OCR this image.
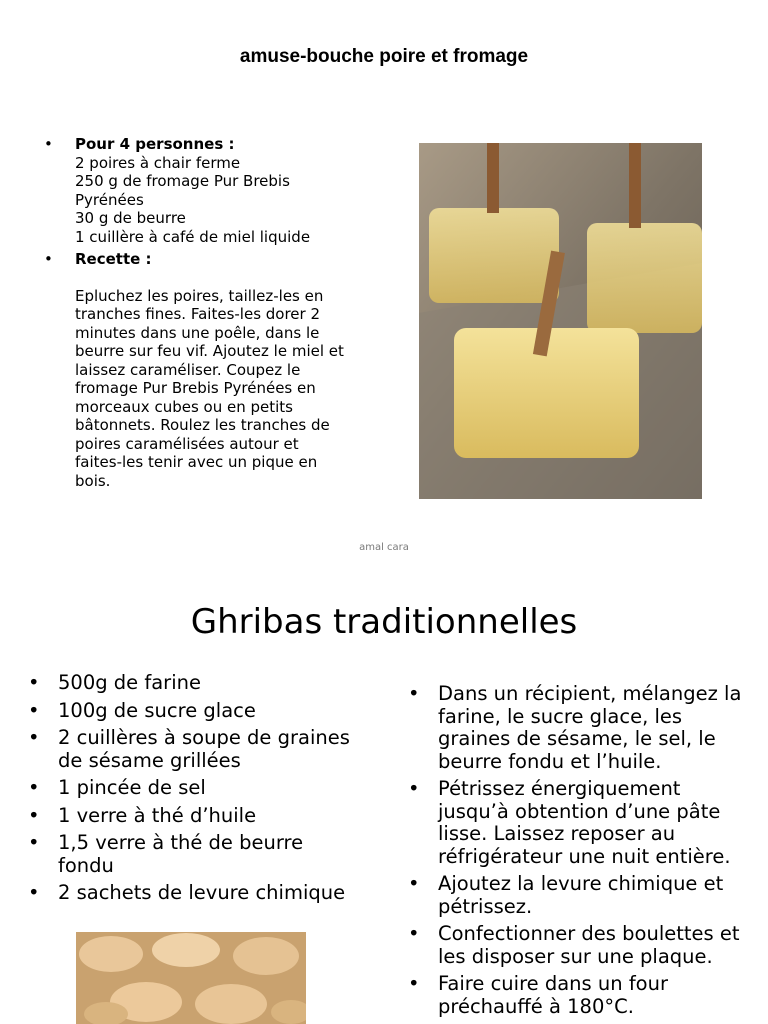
amuse-bouche poire et fromage
• Pour 4 personnes :
2 poires à chair ferme
250 g de fromage Pur Brebis Pyrénées
30 g de beurre
1 cuillère à café de miel liquide
• Recette :
Epluchez les poires, taillez-les en tranches fines. Faites-les dorer 2 minutes dans une poêle, dans le beurre sur feu vif. Ajoutez le miel et laissez caraméliser. Coupez le fromage Pur Brebis Pyrénées en morceaux cubes ou en petits bâtonnets. Roulez les tranches de poires caramélisées autour et faites-les tenir avec un pique en bois.
amal cara
Ghribas traditionnelles
• 500g de farine
• 100g de sucre glace
• 2 cuillères à soupe de graines de sésame grillées
• 1 pincée de sel
• 1 verre à thé d’huile
• 1,5 verre à thé de beurre fondu
• 2 sachets de levure chimique
• Dans un récipient, mélangez la farine, le sucre glace, les graines de sésame, le sel, le beurre fondu et l’huile.
• Pétrissez énergiquement jusqu’à obtention d’une pâte lisse. Laissez reposer au réfrigérateur une nuit entière.
• Ajoutez la levure chimique et pétrissez.
• Confectionner des boulettes et les disposer sur une plaque.
• Faire cuire dans un four préchauffé à 180°C.
